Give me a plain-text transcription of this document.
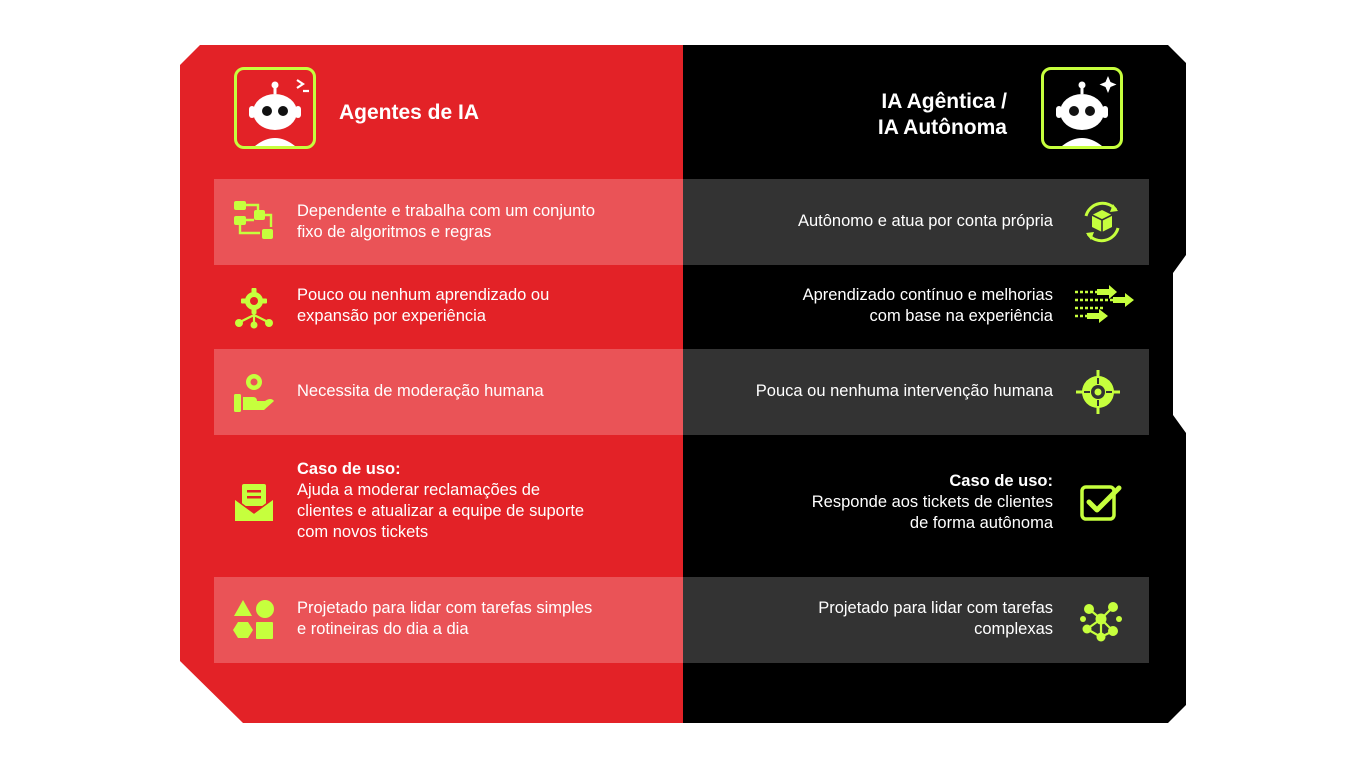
Agentes de IA	IA Agêntica /
IA Autônoma
Dependente e trabalha com um conjunto
fixo de algoritmos e regras
Pouco ou nenhum aprendizado ou
expansão por experiência
Necessita de moderação humana
Caso de uso:
Ajuda a moderar reclamações de
clientes e atualizar a equipe de suporte
com novos tickets
Projetado para lidar com tarefas simples
e rotineiras do dia a dia
Autônomo e atua por conta própria
Aprendizado contínuo e melhorias
com base na experiência
Pouca ou nenhuma intervenção humana
Caso de uso:
Responde aos tickets de clientes
de forma autônoma
Projetado para lidar com tarefas
complexas
